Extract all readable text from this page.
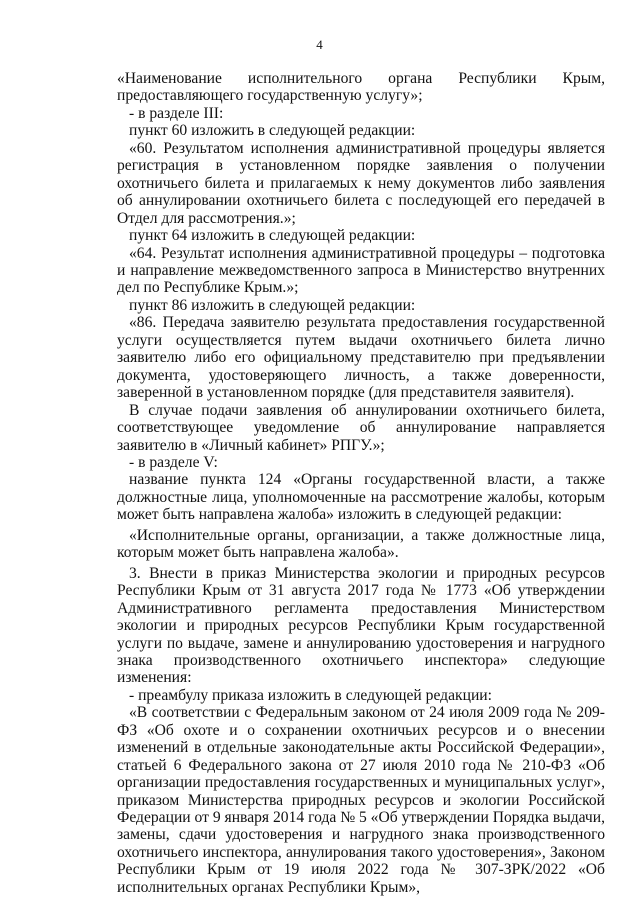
4

«Наименование исполнительного органа Республики Крым, предоставляющего государственную услугу»;

- в разделе III:

пункт 60 изложить в следующей редакции:

«60. Результатом исполнения административной процедуры является регистрация в установленном порядке заявления о получении охотничьего билета и прилагаемых к нему документов либо заявления об аннулировании охотничьего билета с последующей его передачей в Отдел для рассмотрения.»;

пункт 64 изложить в следующей редакции:

«64. Результат исполнения административной процедуры – подготовка и направление межведомственного запроса в Министерство внутренних дел по Республике Крым.»;

пункт 86 изложить в следующей редакции:

«86. Передача заявителю результата предоставления государственной услуги осуществляется путем выдачи охотничьего билета лично заявителю либо его официальному представителю при предъявлении документа, удостоверяющего личность, а также доверенности, заверенной в установленном порядке (для представителя заявителя).

В случае подачи заявления об аннулировании охотничьего билета, соответствующее уведомление об аннулирование направляется заявителю в «Личный кабинет» РПГУ.»;

- в разделе V:

название пункта 124 «Органы государственной власти, а также должностные лица, уполномоченные на рассмотрение жалобы, которым может быть направлена жалоба» изложить в следующей редакции:

«Исполнительные органы, организации, а также должностные лица, которым может быть направлена жалоба».

3. Внести в приказ Министерства экологии и природных ресурсов Республики Крым от 31 августа 2017 года № 1773 «Об утверждении Административного регламента предоставления Министерством экологии и природных ресурсов Республики Крым государственной услуги по выдаче, замене и аннулированию удостоверения и нагрудного знака производственного охотничьего инспектора» следующие изменения:

- преамбулу приказа изложить в следующей редакции:

«В соответствии с Федеральным законом от 24 июля 2009 года № 209-ФЗ «Об охоте и о сохранении охотничьих ресурсов и о внесении изменений в отдельные законодательные акты Российской Федерации», статьей 6 Федерального закона от 27 июля 2010 года № 210-ФЗ «Об организации предоставления государственных и муниципальных услуг», приказом Министерства природных ресурсов и экологии Российской Федерации от 9 января 2014 года № 5 «Об утверждении Порядка выдачи, замены, сдачи удостоверения и нагрудного знака производственного охотничьего инспектора, аннулирования такого удостоверения», Законом Республики Крым от 19 июля 2022 года № 307-ЗРК/2022 «Об исполнительных органах Республики Крым»,
